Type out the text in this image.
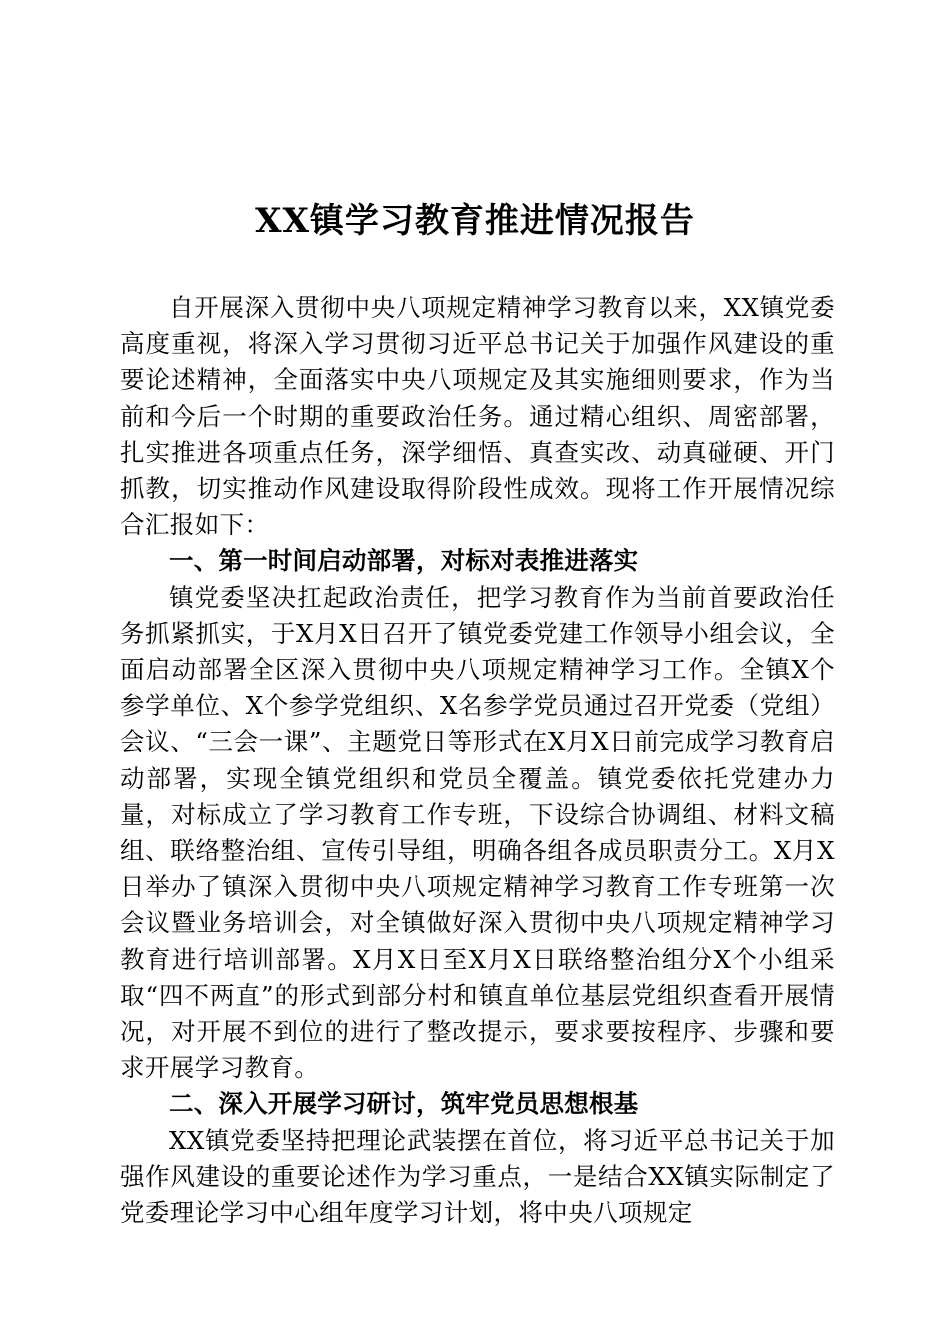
XX镇学习教育推进情况报告

自开展深入贯彻中央八项规定精神学习教育以来，XX镇党委高度重视，将深入学习贯彻习近平总书记关于加强作风建设的重要论述精神，全面落实中央八项规定及其实施细则要求，作为当前和今后一个时期的重要政治任务。通过精心组织、周密部署，扎实推进各项重点任务，深学细悟、真查实改、动真碰硬、开门抓教，切实推动作风建设取得阶段性成效。现将工作开展情况综合汇报如下：

一、第一时间启动部署，对标对表推进落实

镇党委坚决扛起政治责任，把学习教育作为当前首要政治任务抓紧抓实，于X月X日召开了镇党委党建工作领导小组会议，全面启动部署全区深入贯彻中央八项规定精神学习工作。全镇X个参学单位、X个参学党组织、X名参学党员通过召开党委（党组）会议、“三会一课”、主题党日等形式在X月X日前完成学习教育启动部署，实现全镇党组织和党员全覆盖。镇党委依托党建办力量，对标成立了学习教育工作专班，下设综合协调组、材料文稿组、联络整治组、宣传引导组，明确各组各成员职责分工。X月X日举办了镇深入贯彻中央八项规定精神学习教育工作专班第一次会议暨业务培训会，对全镇做好深入贯彻中央八项规定精神学习教育进行培训部署。X月X日至X月X日联络整治组分X个小组采取“四不两直”的形式到部分村和镇直单位基层党组织查看开展情况，对开展不到位的进行了整改提示，要求要按程序、步骤和要求开展学习教育。

二、深入开展学习研讨，筑牢党员思想根基

XX镇党委坚持把理论武装摆在首位，将习近平总书记关于加强作风建设的重要论述作为学习重点，一是结合XX镇实际制定了党委理论学习中心组年度学习计划，将中央八项规定
